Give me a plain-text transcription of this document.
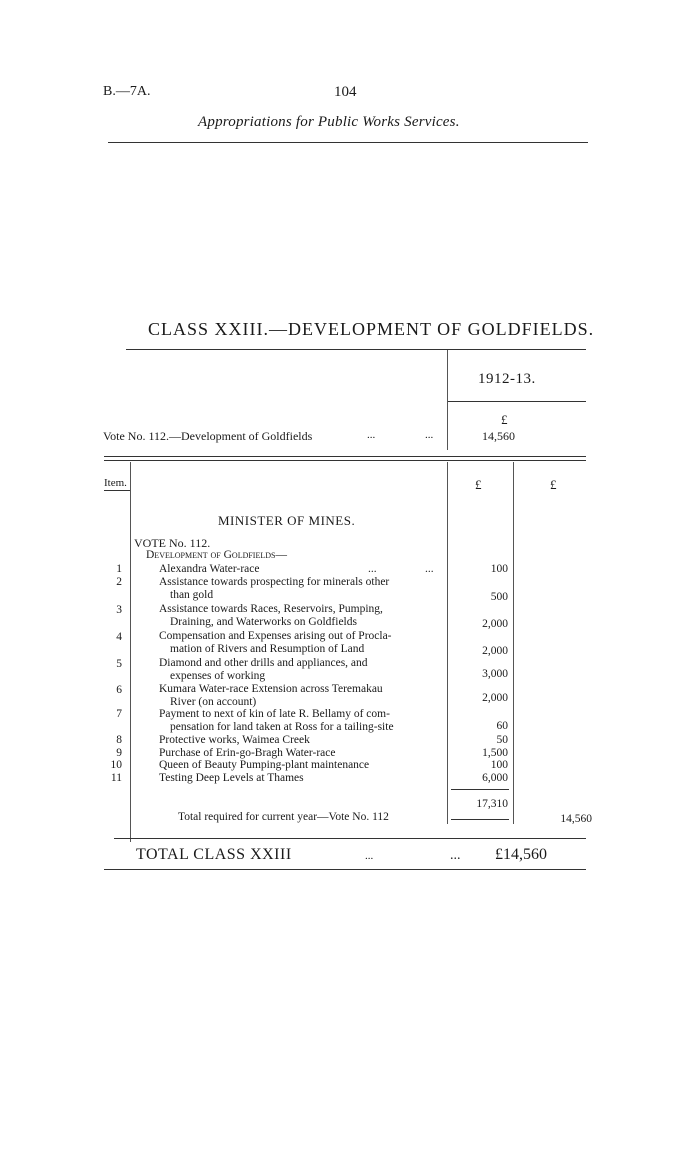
B.—7A.	104
Appropriations for Public Works Services.
CLASS XXIII.—DEVELOPMENT OF GOLDFIELDS.
1912-13.
£
Vote No. 112.—Development of Goldfields	...	...	14,560
Item.	£	£
MINISTER OF MINES.
VOTE No. 112.
Development of Goldfields—
1	Alexandra Water-race	...	...	100
2	Assistance towards prospecting for minerals other
than gold	500
3	Assistance towards Races, Reservoirs, Pumping,
Draining, and Waterworks on Goldfields	2,000
4	Compensation and Expenses arising out of Procla-
mation of Rivers and Resumption of Land	2,000
5	Diamond and other drills and appliances, and
expenses of working	3,000
6	Kumara Water-race Extension across Teremakau
River (on account)	2,000
7	Payment to next of kin of late R. Bellamy of com-
pensation for land taken at Ross for a tailing-site	60
8	Protective works, Waimea Creek	50
9	Purchase of Erin-go-Bragh Water-race	1,500
10	Queen of Beauty Pumping-plant maintenance	100
11	Testing Deep Levels at Thames	6,000
17,310
Total required for current year—Vote No. 112	14,560
TOTAL CLASS XXIII	...	... £14,560
